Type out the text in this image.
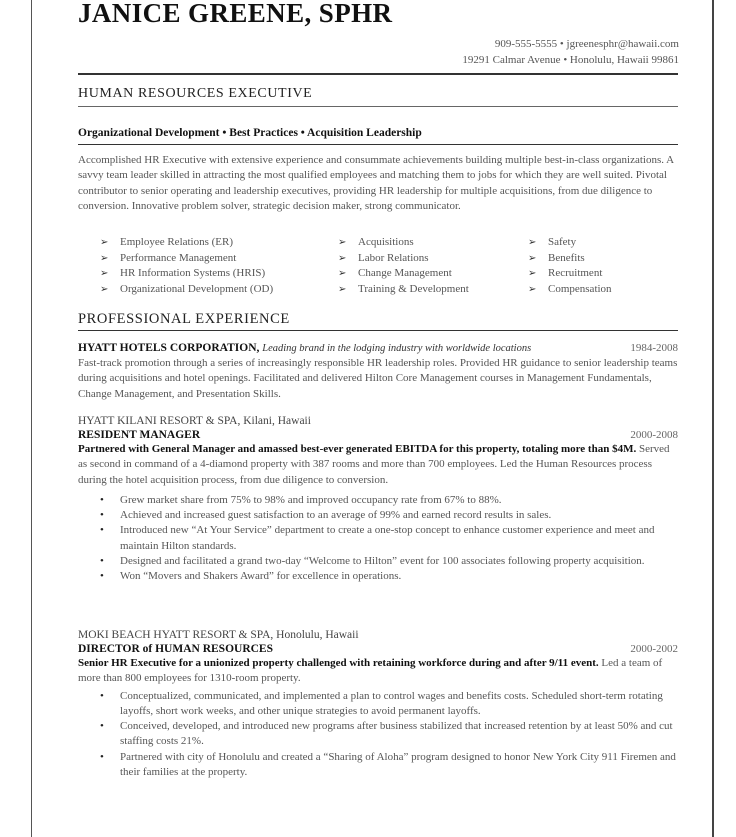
JANICE GREENE, SPHR
909-555-5555 • jgreenesphr@hawaii.com
19291 Calmar Avenue • Honolulu, Hawaii 99861
HUMAN RESOURCES EXECUTIVE
Organizational Development • Best Practices • Acquisition Leadership

Accomplished HR Executive with extensive experience and consummate achievements building multiple best-in-class organizations. A savvy team leader skilled in attracting the most qualified employees and matching them to jobs for which they are well suited. Pivotal contributor to senior operating and leadership executives, providing HR leadership for multiple acquisitions, from due diligence to conversion. Innovative problem solver, strategic decision maker, strong communicator.

➢ Employee Relations (ER)
➢ Performance Management
➢ HR Information Systems (HRIS)
➢ Organizational Development (OD)
➢ Acquisitions
➢ Labor Relations
➢ Change Management
➢ Training & Development
➢ Safety
➢ Benefits
➢ Recruitment
➢ Compensation
PROFESSIONAL EXPERIENCE
HYATT HOTELS CORPORATION, Leading brand in the lodging industry with worldwide locations	1984-2008

Fast-track promotion through a series of increasingly responsible HR leadership roles. Provided HR guidance to senior leadership teams during acquisitions and hotel openings. Facilitated and delivered Hilton Core Management courses in Management Fundamentals, Change Management, and Presentation Skills.

HYATT KILANI RESORT & SPA, Kilani, Hawaii
RESIDENT MANAGER	2000-2008

Partnered with General Manager and amassed best-ever generated EBITDA for this property, totaling more than $4M. Served as second in command of a 4-diamond property with 387 rooms and more than 700 employees. Led the Human Resources process during the hotel acquisition process, from due diligence to conversion.

• Grew market share from 75% to 98% and improved occupancy rate from 67% to 88%.
• Achieved and increased guest satisfaction to an average of 99% and earned record results in sales.
• Introduced new “At Your Service” department to create a one-stop concept to enhance customer experience and meet and maintain Hilton standards.
• Designed and facilitated a grand two-day “Welcome to Hilton” event for 100 associates following property acquisition.
• Won “Movers and Shakers Award” for excellence in operations.
MOKI BEACH HYATT RESORT & SPA, Honolulu, Hawaii
DIRECTOR of HUMAN RESOURCES	2000-2002

Senior HR Executive for a unionized property challenged with retaining workforce during and after 9/11 event. Led a team of more than 800 employees for 1310-room property.

• Conceptualized, communicated, and implemented a plan to control wages and benefits costs. Scheduled short-term rotating layoffs, short work weeks, and other unique strategies to avoid permanent layoffs.
• Conceived, developed, and introduced new programs after business stabilized that increased retention by at least 50% and cut staffing costs 21%.
• Partnered with city of Honolulu and created a “Sharing of Aloha” program designed to honor New York City 911 Firemen and their families at the property.
